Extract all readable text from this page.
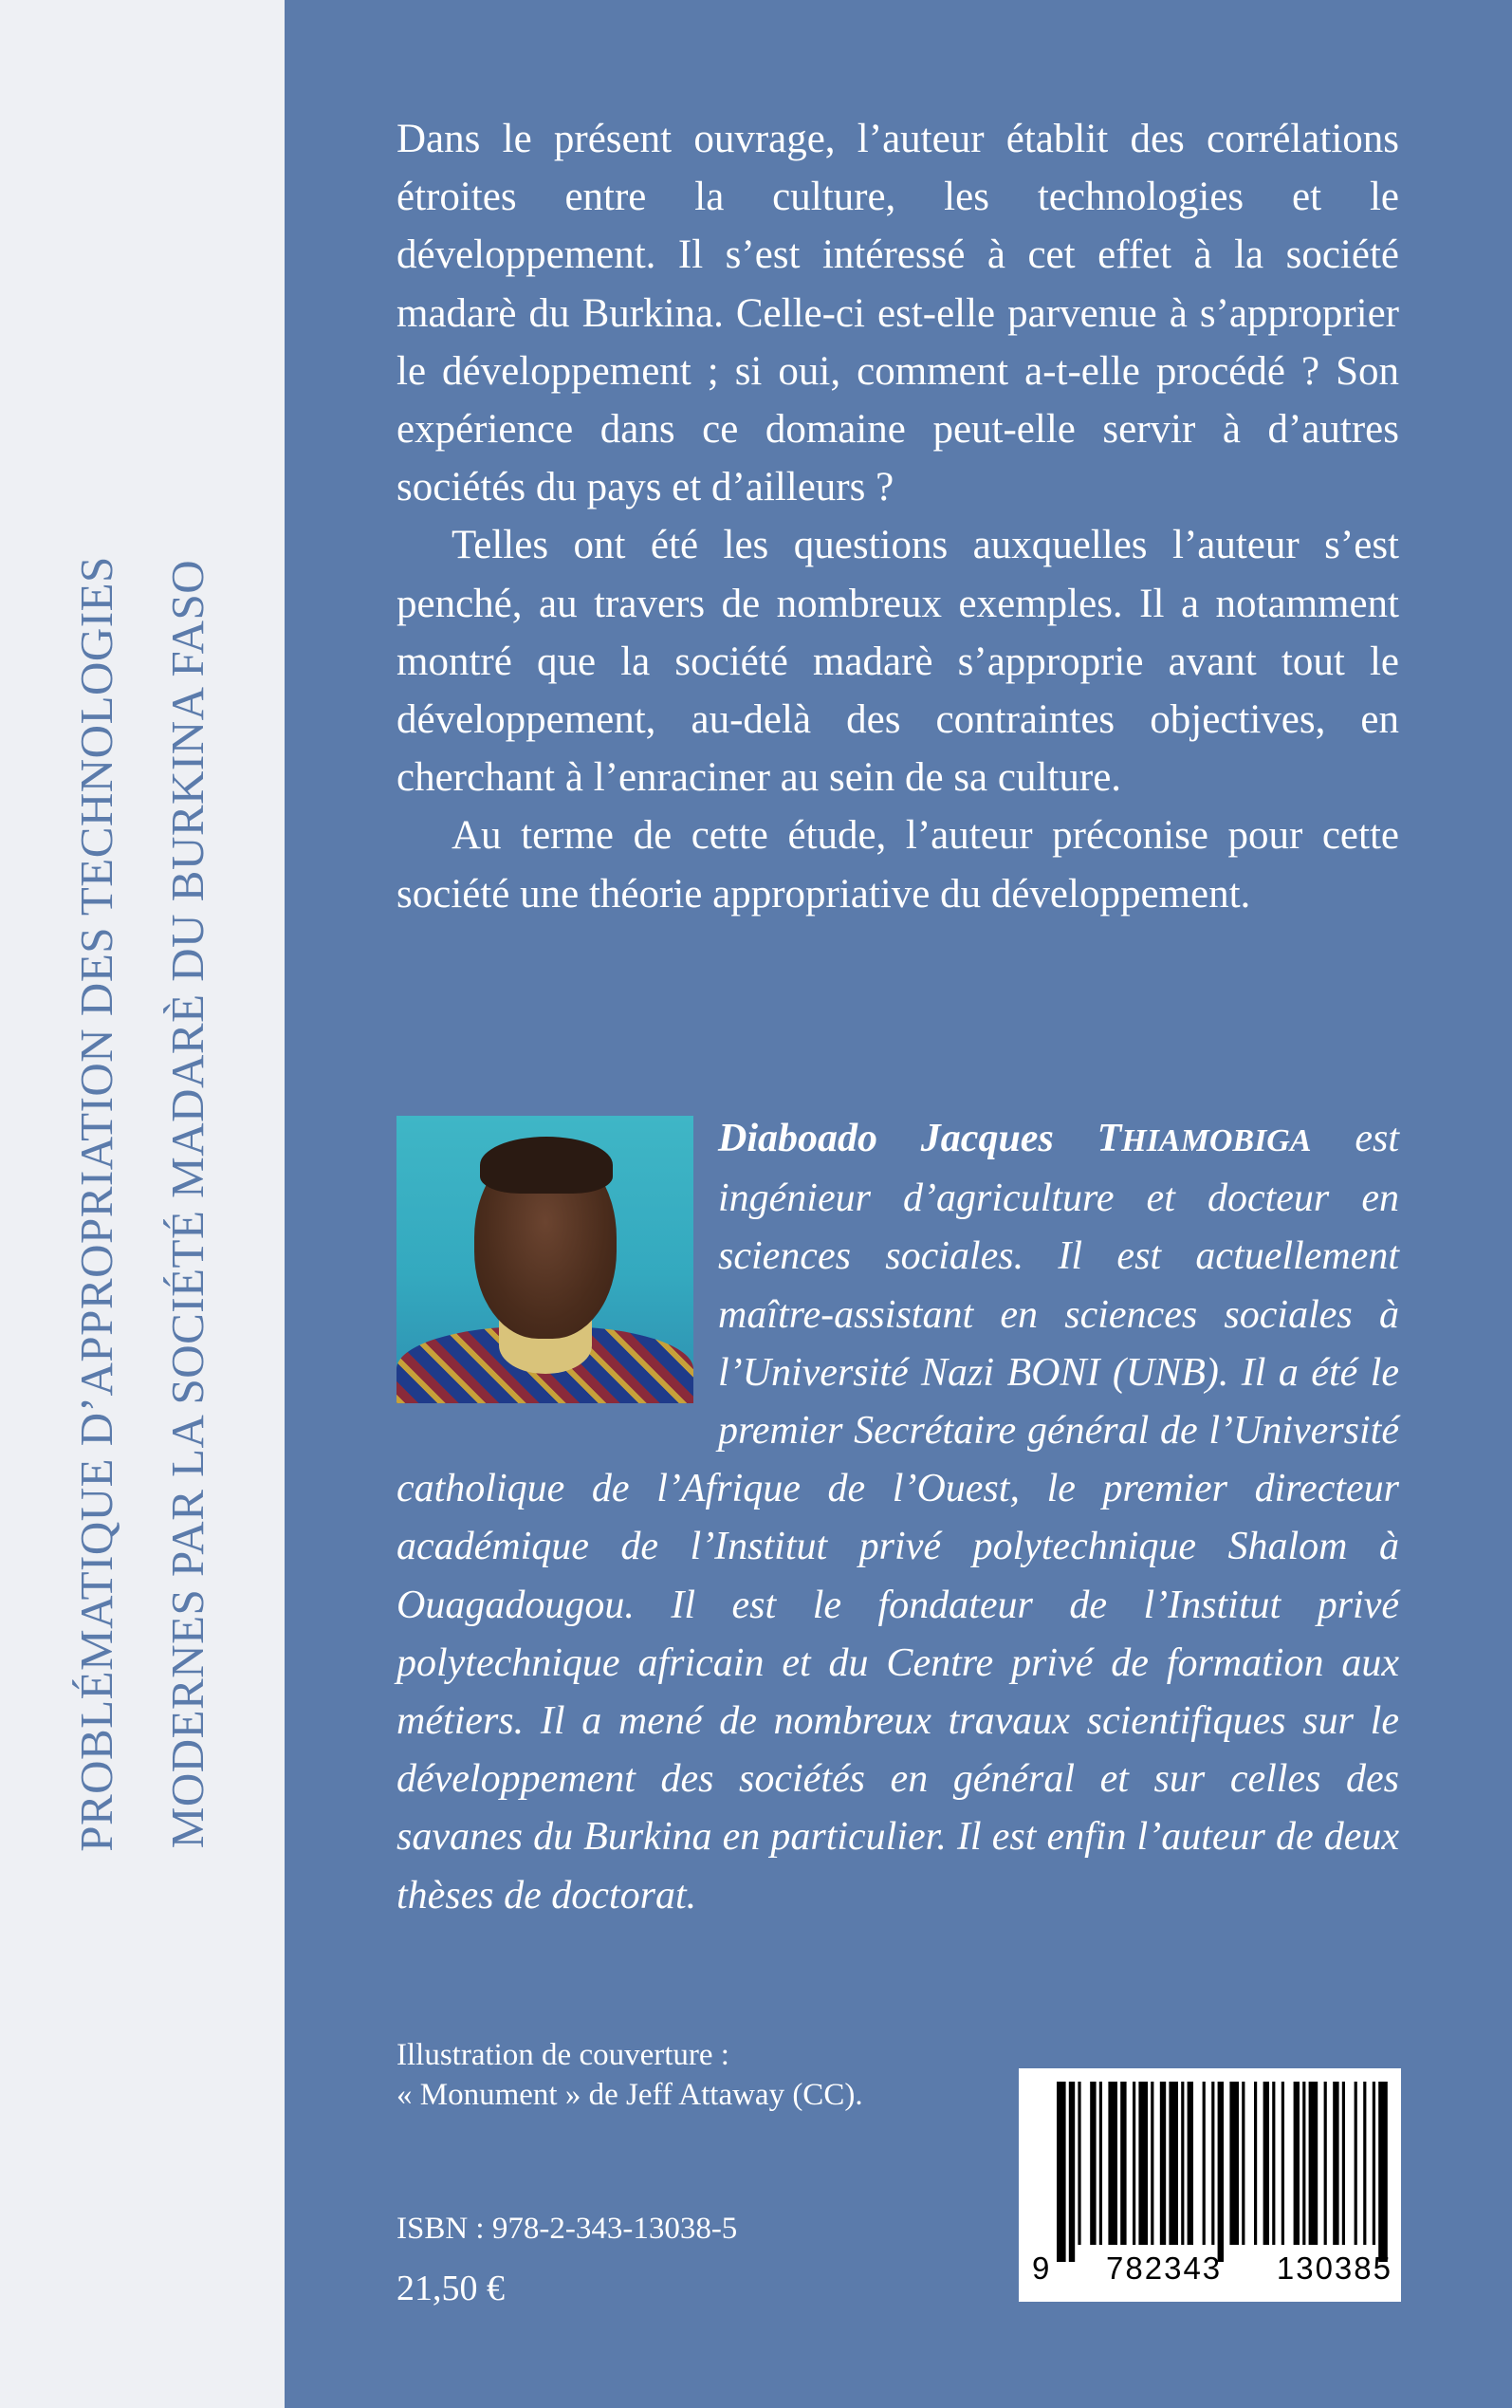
PROBLÉMATIQUE D’APPROPRIATION DES TECHNOLOGIES MODERNES PAR LA SOCIÉTÉ MADARÈ DU BURKINA FASO

Dans le présent ouvrage, l’auteur établit des corrélations étroites entre la culture, les technologies et le développement. Il s’est intéressé à cet effet à la société madarè du Burkina. Celle-ci est-elle parvenue à s’approprier le développement ; si oui, comment a-t-elle procédé ? Son expérience dans ce domaine peut-elle servir à d’autres sociétés du pays et d’ailleurs ?

Telles ont été les questions auxquelles l’auteur s’est penché, au travers de nombreux exemples. Il a notamment montré que la société madarè s’approprie avant tout le développement, au-delà des contraintes objectives, en cherchant à l’enraciner au sein de sa culture.

Au terme de cette étude, l’auteur préconise pour cette société une théorie appropriative du développement.

Diaboado Jacques THIAMOBIGA est ingénieur d’agriculture et docteur en sciences sociales. Il est actuellement maître-assistant en sciences sociales à l’Université Nazi BONI (UNB). Il a été le premier Secrétaire général de l’Université catholique de l’Afrique de l’Ouest, le premier directeur académique de l’Institut privé polytechnique Shalom à Ouagadougou. Il est le fondateur de l’Institut privé polytechnique africain et du Centre privé de formation aux métiers. Il a mené de nombreux travaux scientifiques sur le développement des sociétés en général et sur celles des savanes du Burkina en particulier. Il est enfin l’auteur de deux thèses de doctorat.
Illustration de couverture :
« Monument » de Jeff Attaway (CC).
ISBN : 978-2-343-13038-5
21,50 €
9 782343 130385
